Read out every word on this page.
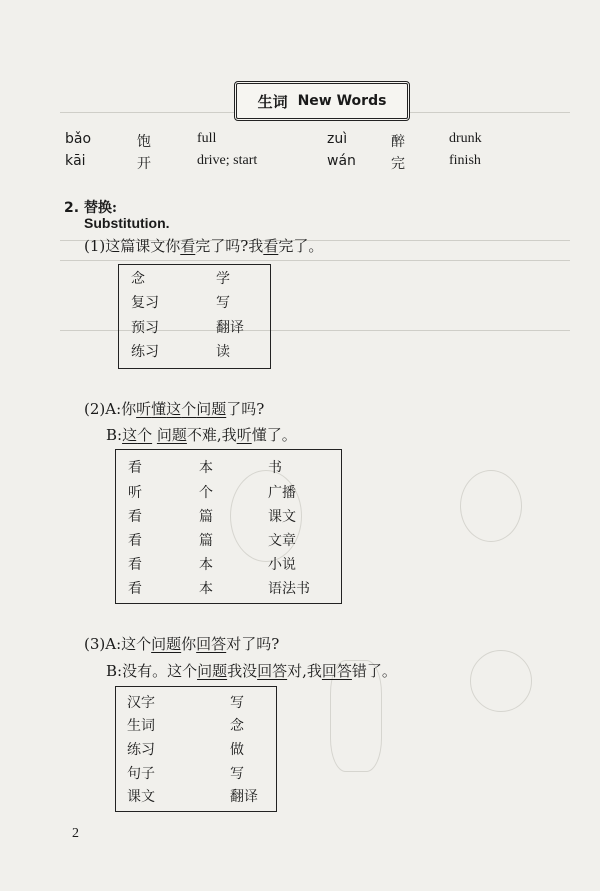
生词 New Words
bǎo	饱	full	zuì	醉	drunk
kāi	开	drive; start	wán	完	finish
2. 替换:
Substitution.
(1)这篇课文你看完了吗?我看完了。
念	学
复习	写
预习	翻译
练习	读
(2)A:你听懂这个问题了吗?
B:这个 问题不难,我听懂了。
看	本	书
听	个	广播
看	篇	课文
看	篇	文章
看	本	小说
看	本	语法书
(3)A:这个问题你回答对了吗?
B:没有。这个问题我没回答对,我回答错了。
汉字	写
生词	念
练习	做
句子	写
课文	翻译
2
